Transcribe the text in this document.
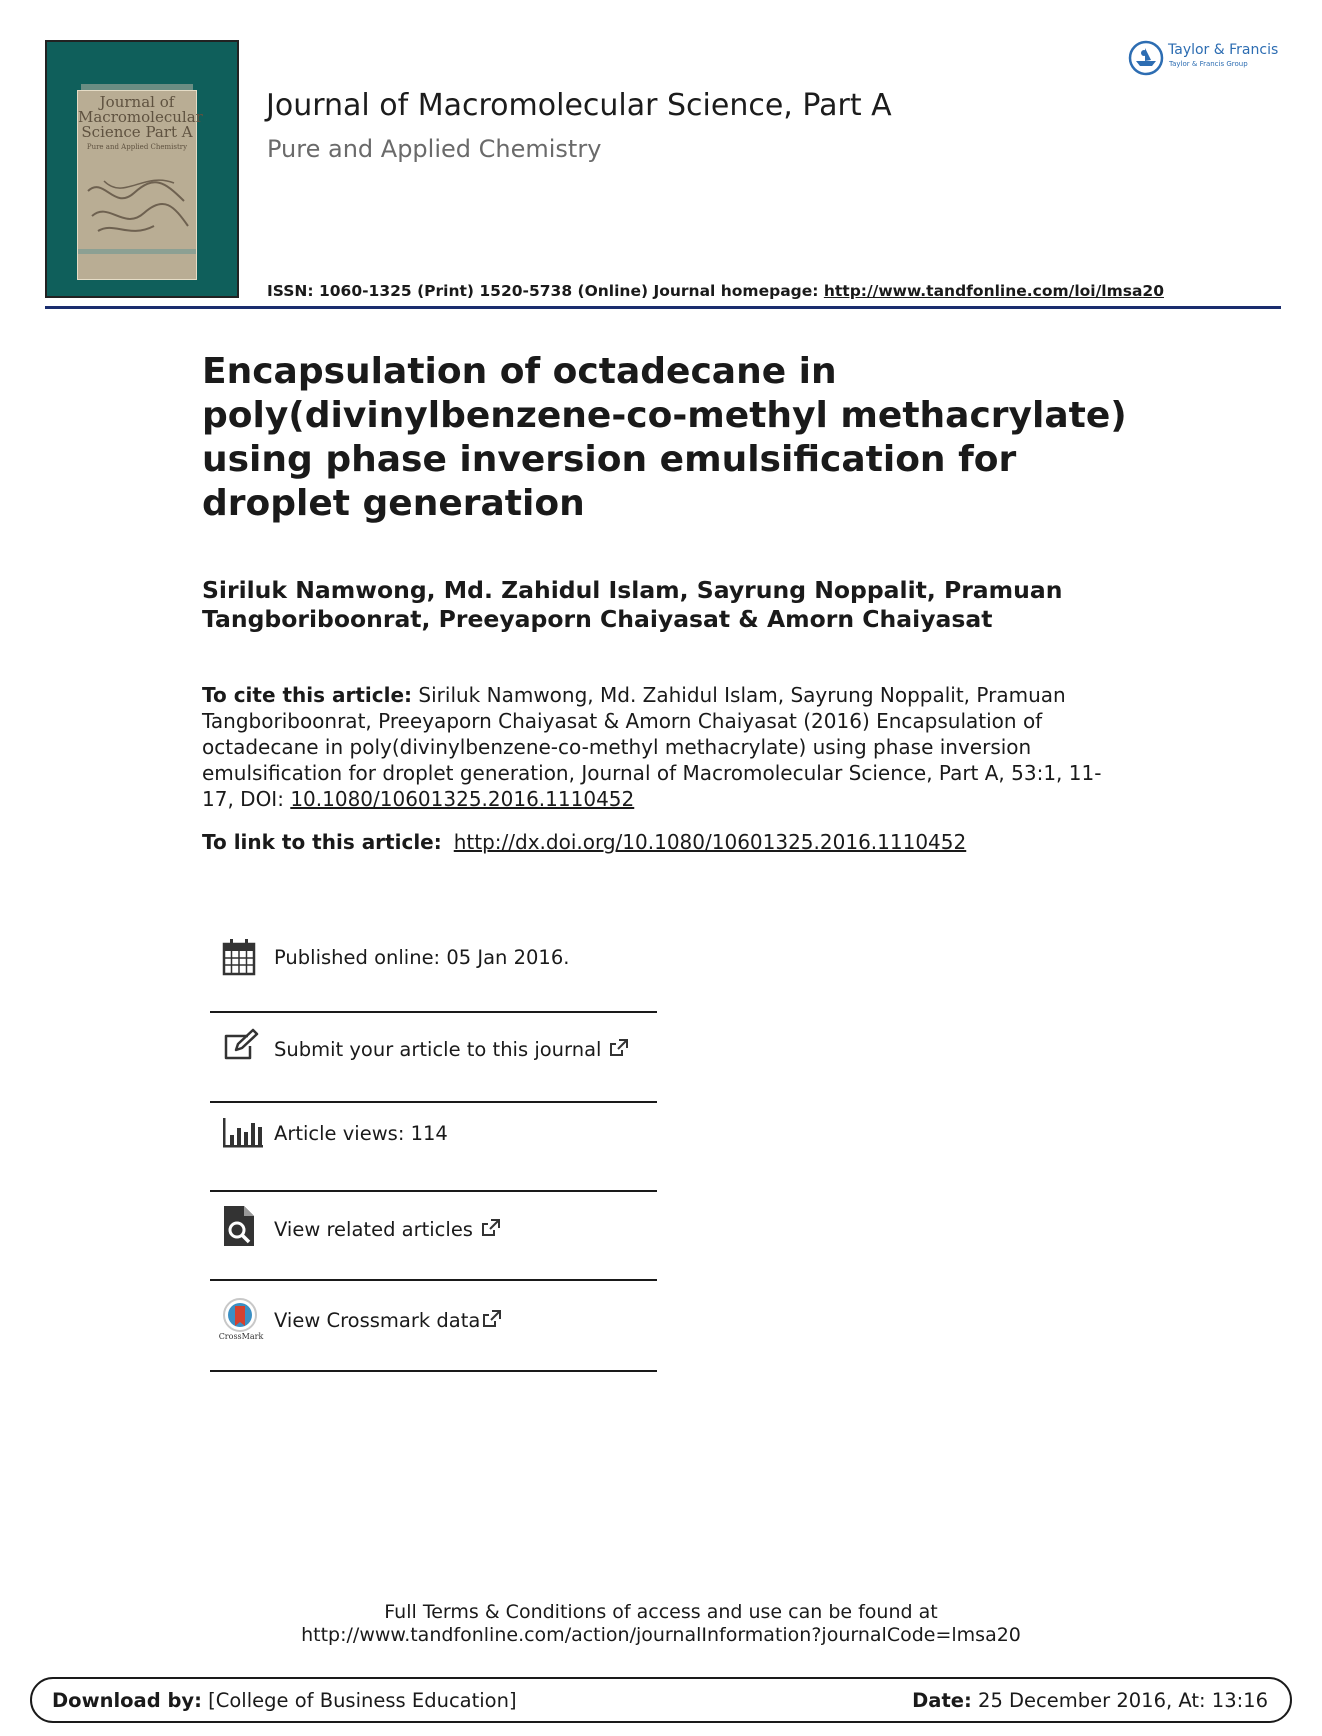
Journal of Macromolecular Science Part A
Pure and Applied Chemistry
Journal of Macromolecular Science, Part A
Pure and Applied Chemistry
ISSN: 1060-1325 (Print) 1520-5738 (Online) Journal homepage: http://www.tandfonline.com/loi/lmsa20
Taylor & Francis
Taylor & Francis Group
Encapsulation of octadecane in poly(divinylbenzene-co-methyl methacrylate) using phase inversion emulsification for droplet generation
Siriluk Namwong, Md. Zahidul Islam, Sayrung Noppalit, Pramuan Tangboriboonrat, Preeyaporn Chaiyasat & Amorn Chaiyasat
To cite this article: Siriluk Namwong, Md. Zahidul Islam, Sayrung Noppalit, Pramuan Tangboriboonrat, Preeyaporn Chaiyasat & Amorn Chaiyasat (2016) Encapsulation of octadecane in poly(divinylbenzene-co-methyl methacrylate) using phase inversion emulsification for droplet generation, Journal of Macromolecular Science, Part A, 53:1, 11-17, DOI: 10.1080/10601325.2016.1110452
To link to this article: http://dx.doi.org/10.1080/10601325.2016.1110452
Published online: 05 Jan 2016.
Submit your article to this journal
Article views: 114
View related articles
CrossMark
View Crossmark data
Full Terms & Conditions of access and use can be found at
http://www.tandfonline.com/action/journalInformation?journalCode=lmsa20
Download by: [College of Business Education]	Date: 25 December 2016, At: 13:16
